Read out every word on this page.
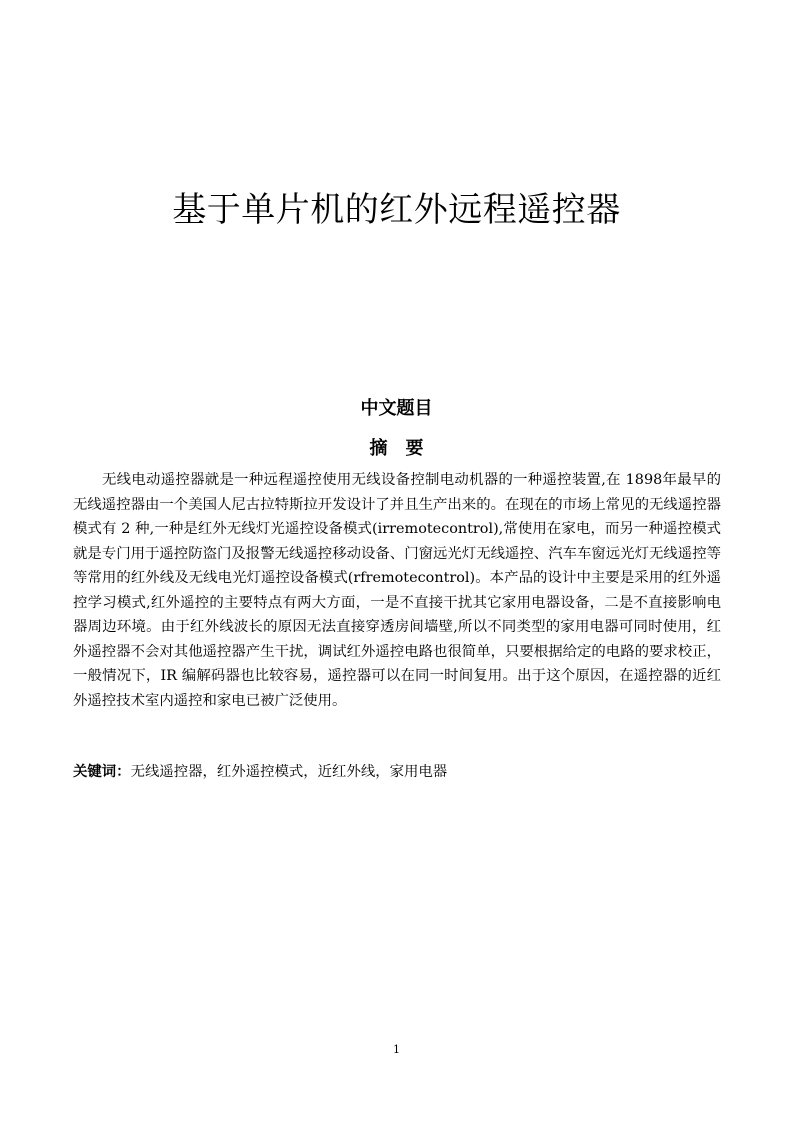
基于单片机的红外远程遥控器
中文题目
摘要

无线电动遥控器就是一种远程遥控使用无线设备控制电动机器的一种遥控装置,在 1898年最早的无线遥控器由一个美国人尼古拉特斯拉开发设计了并且生产出来的。在现在的市场上常见的无线遥控器模式有 2 种,一种是红外无线灯光遥控设备模式(irremotecontrol),常使用在家电，而另一种遥控模式就是专门用于遥控防盗门及报警无线遥控移动设备、门窗远光灯无线遥控、汽车车窗远光灯无线遥控等等常用的红外线及无线电光灯遥控设备模式(rfremotecontrol)。本产品的设计中主要是采用的红外遥控学习模式,红外遥控的主要特点有两大方面，一是不直接干扰其它家用电器设备，二是不直接影响电器周边环境。由于红外线波长的原因无法直接穿透房间墙壁,所以不同类型的家用电器可同时使用，红外遥控器不会对其他遥控器产生干扰，调试红外遥控电路也很简单，只要根据给定的电路的要求校正，一般情况下，IR 编解码器也比较容易，遥控器可以在同一时间复用。出于这个原因，在遥控器的近红外遥控技术室内遥控和家电已被广泛使用。

关键词：无线遥控器，红外遥控模式，近红外线，家用电器

1
